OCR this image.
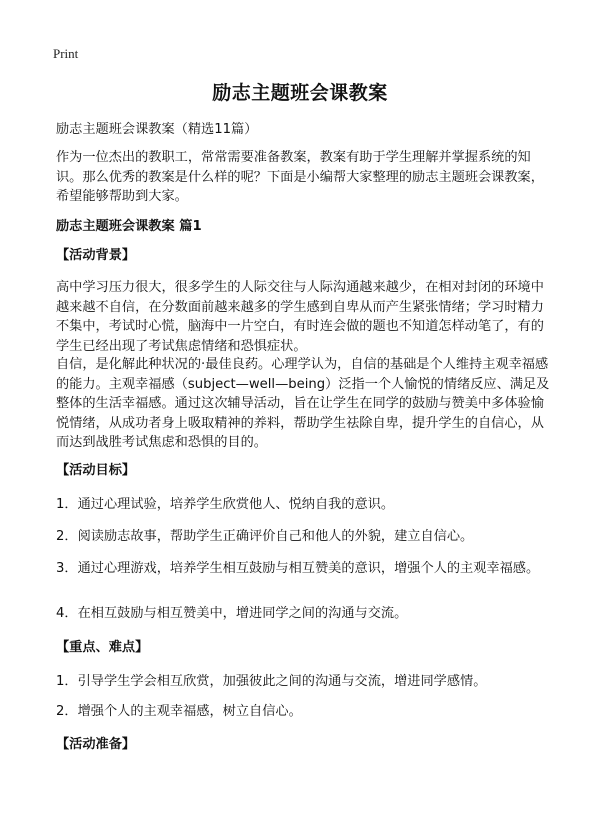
Print
励志主题班会课教案
励志主题班会课教案（精选11篇）
作为一位杰出的教职工，常常需要准备教案，教案有助于学生理解并掌握系统的知识。那么优秀的教案是什么样的呢？下面是小编帮大家整理的励志主题班会课教案，希望能够帮助到大家。
励志主题班会课教案 篇1
【活动背景】
高中学习压力很大，很多学生的人际交往与人际沟通越来越少，在相对封闭的环境中越来越不自信，在分数面前越来越多的学生感到自卑从而产生紧张情绪；学习时精力不集中，考试时心慌，脑海中一片空白，有时连会做的题也不知道怎样动笔了，有的学生已经出现了考试焦虑情绪和恐惧症状。
自信，是化解此种状况的·最佳良药。心理学认为，自信的基础是个人维持主观幸福感的能力。主观幸福感（subject—well—being）泛指一个人愉悦的情绪反应、满足及整体的生活幸福感。通过这次辅导活动，旨在让学生在同学的鼓励与赞美中多体验愉悦情绪，从成功者身上吸取精神的养料，帮助学生祛除自卑，提升学生的自信心，从而达到战胜考试焦虑和恐惧的目的。
【活动目标】
1．通过心理试验，培养学生欣赏他人、悦纳自我的意识。
2．阅读励志故事，帮助学生正确评价自己和他人的外貌，建立自信心。
3．通过心理游戏，培养学生相互鼓励与相互赞美的意识，增强个人的主观幸福感。
4．在相互鼓励与相互赞美中，增进同学之间的沟通与交流。
【重点、难点】
1．引导学生学会相互欣赏，加强彼此之间的沟通与交流，增进同学感情。
2．增强个人的主观幸福感，树立自信心。
【活动准备】
